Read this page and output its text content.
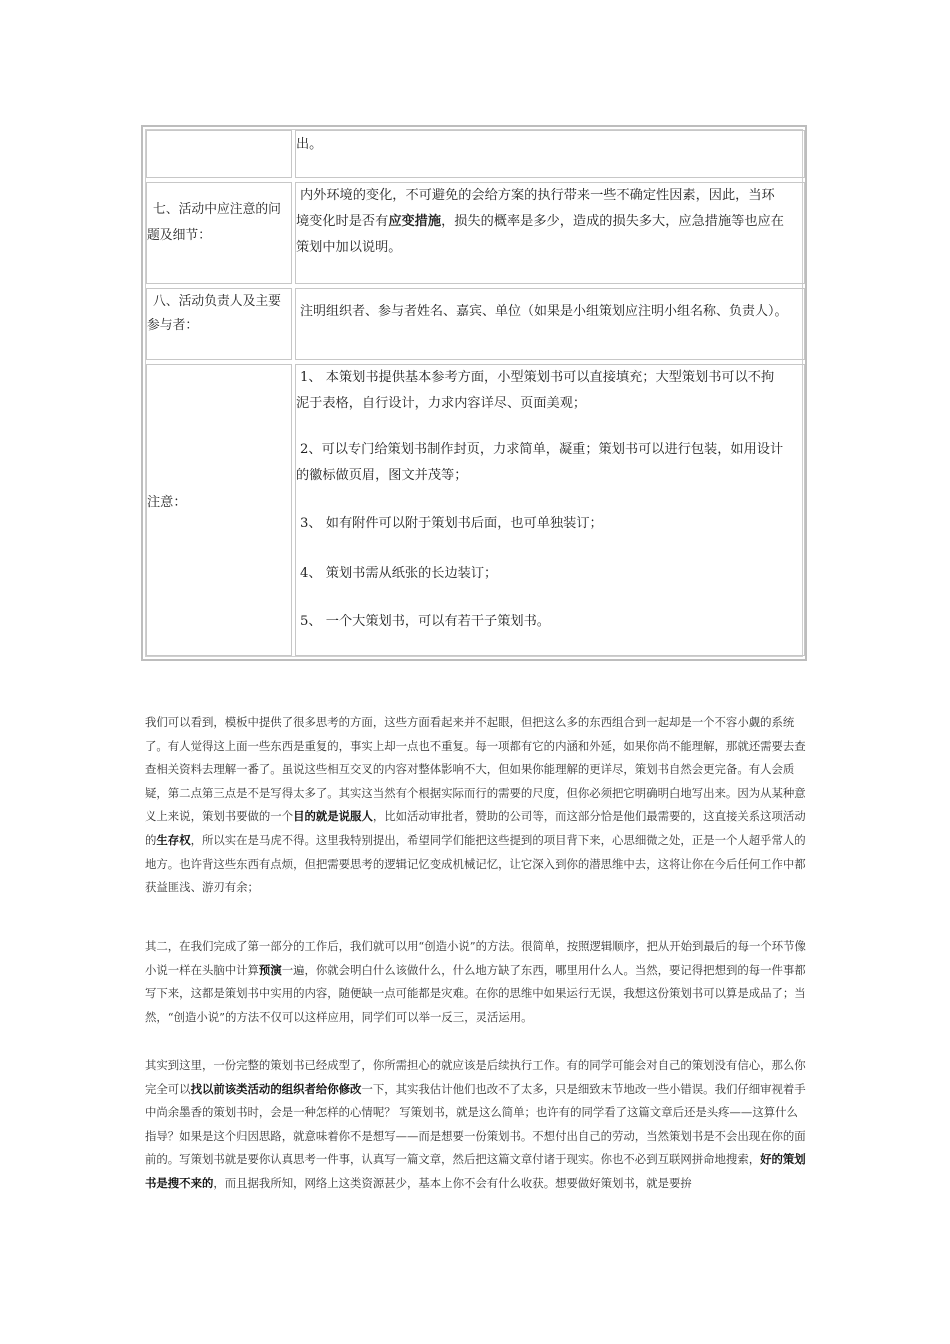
出。
七、活动中应注意的问
题及细节：
内外环境的变化，不可避免的会给方案的执行带来一些不确定性因素，因此，当环
境变化时是否有应变措施，损失的概率是多少，造成的损失多大，应急措施等也应在
策划中加以说明。
八、活动负责人及主要
参与者：
注明组织者、参与者姓名、嘉宾、单位（如果是小组策划应注明小组名称、负责人）。
注意：
1、 本策划书提供基本参考方面，小型策划书可以直接填充；大型策划书可以不拘
泥于表格，自行设计，力求内容详尽、页面美观；
2、可以专门给策划书制作封页，力求简单，凝重；策划书可以进行包装，如用设计
的徽标做页眉，图文并茂等；
3、 如有附件可以附于策划书后面，也可单独装订；
4、 策划书需从纸张的长边装订；
5、 一个大策划书，可以有若干子策划书。

我们可以看到，模板中提供了很多思考的方面，这些方面看起来并不起眼，但把这么多的东西组合到一起却是一个不容小觑的系统了。有人觉得这上面一些东西是重复的，事实上却一点也不重复。每一项都有它的内涵和外延，如果你尚不能理解，那就还需要去查查相关资料去理解一番了。虽说这些相互交叉的内容对整体影响不大，但如果你能理解的更详尽，策划书自然会更完备。有人会质疑，第二点第三点是不是写得太多了。其实这当然有个根据实际而行的需要的尺度，但你必须把它明确明白地写出来。因为从某种意义上来说，策划书要做的一个目的就是说服人，比如活动审批者，赞助的公司等，而这部分恰是他们最需要的，这直接关系这项活动的生存权，所以实在是马虎不得。这里我特别提出，希望同学们能把这些提到的项目背下来，心思细微之处，正是一个人超乎常人的地方。也许背这些东西有点烦，但把需要思考的逻辑记忆变成机械记忆，让它深入到你的潜思维中去，这将让你在今后任何工作中都获益匪浅、游刃有余；

其二，在我们完成了第一部分的工作后，我们就可以用“创造小说”的方法。很简单，按照逻辑顺序，把从开始到最后的每一个环节像小说一样在头脑中计算预演一遍，你就会明白什么该做什么，什么地方缺了东西，哪里用什么人。当然，要记得把想到的每一件事都写下来，这都是策划书中实用的内容，随便缺一点可能都是灾难。在你的思维中如果运行无误，我想这份策划书可以算是成品了；当然，“创造小说”的方法不仅可以这样应用，同学们可以举一反三，灵活运用。

其实到这里，一份完整的策划书已经成型了，你所需担心的就应该是后续执行工作。有的同学可能会对自己的策划没有信心，那么你完全可以找以前该类活动的组织者给你修改一下，其实我估计他们也改不了太多，只是细致末节地改一些小错误。我们仔细审视着手中尚余墨香的策划书时，会是一种怎样的心情呢？ 写策划书，就是这么简单；也许有的同学看了这篇文章后还是头疼——这算什么指导？如果是这个归因思路，就意味着你不是想写——而是想要一份策划书。不想付出自己的劳动，当然策划书是不会出现在你的面前的。写策划书就是要你认真思考一件事，认真写一篇文章，然后把这篇文章付诸于现实。你也不必到互联网拼命地搜索，好的策划书是搜不来的，而且据我所知，网络上这类资源甚少，基本上你不会有什么收获。想要做好策划书，就是要拚
